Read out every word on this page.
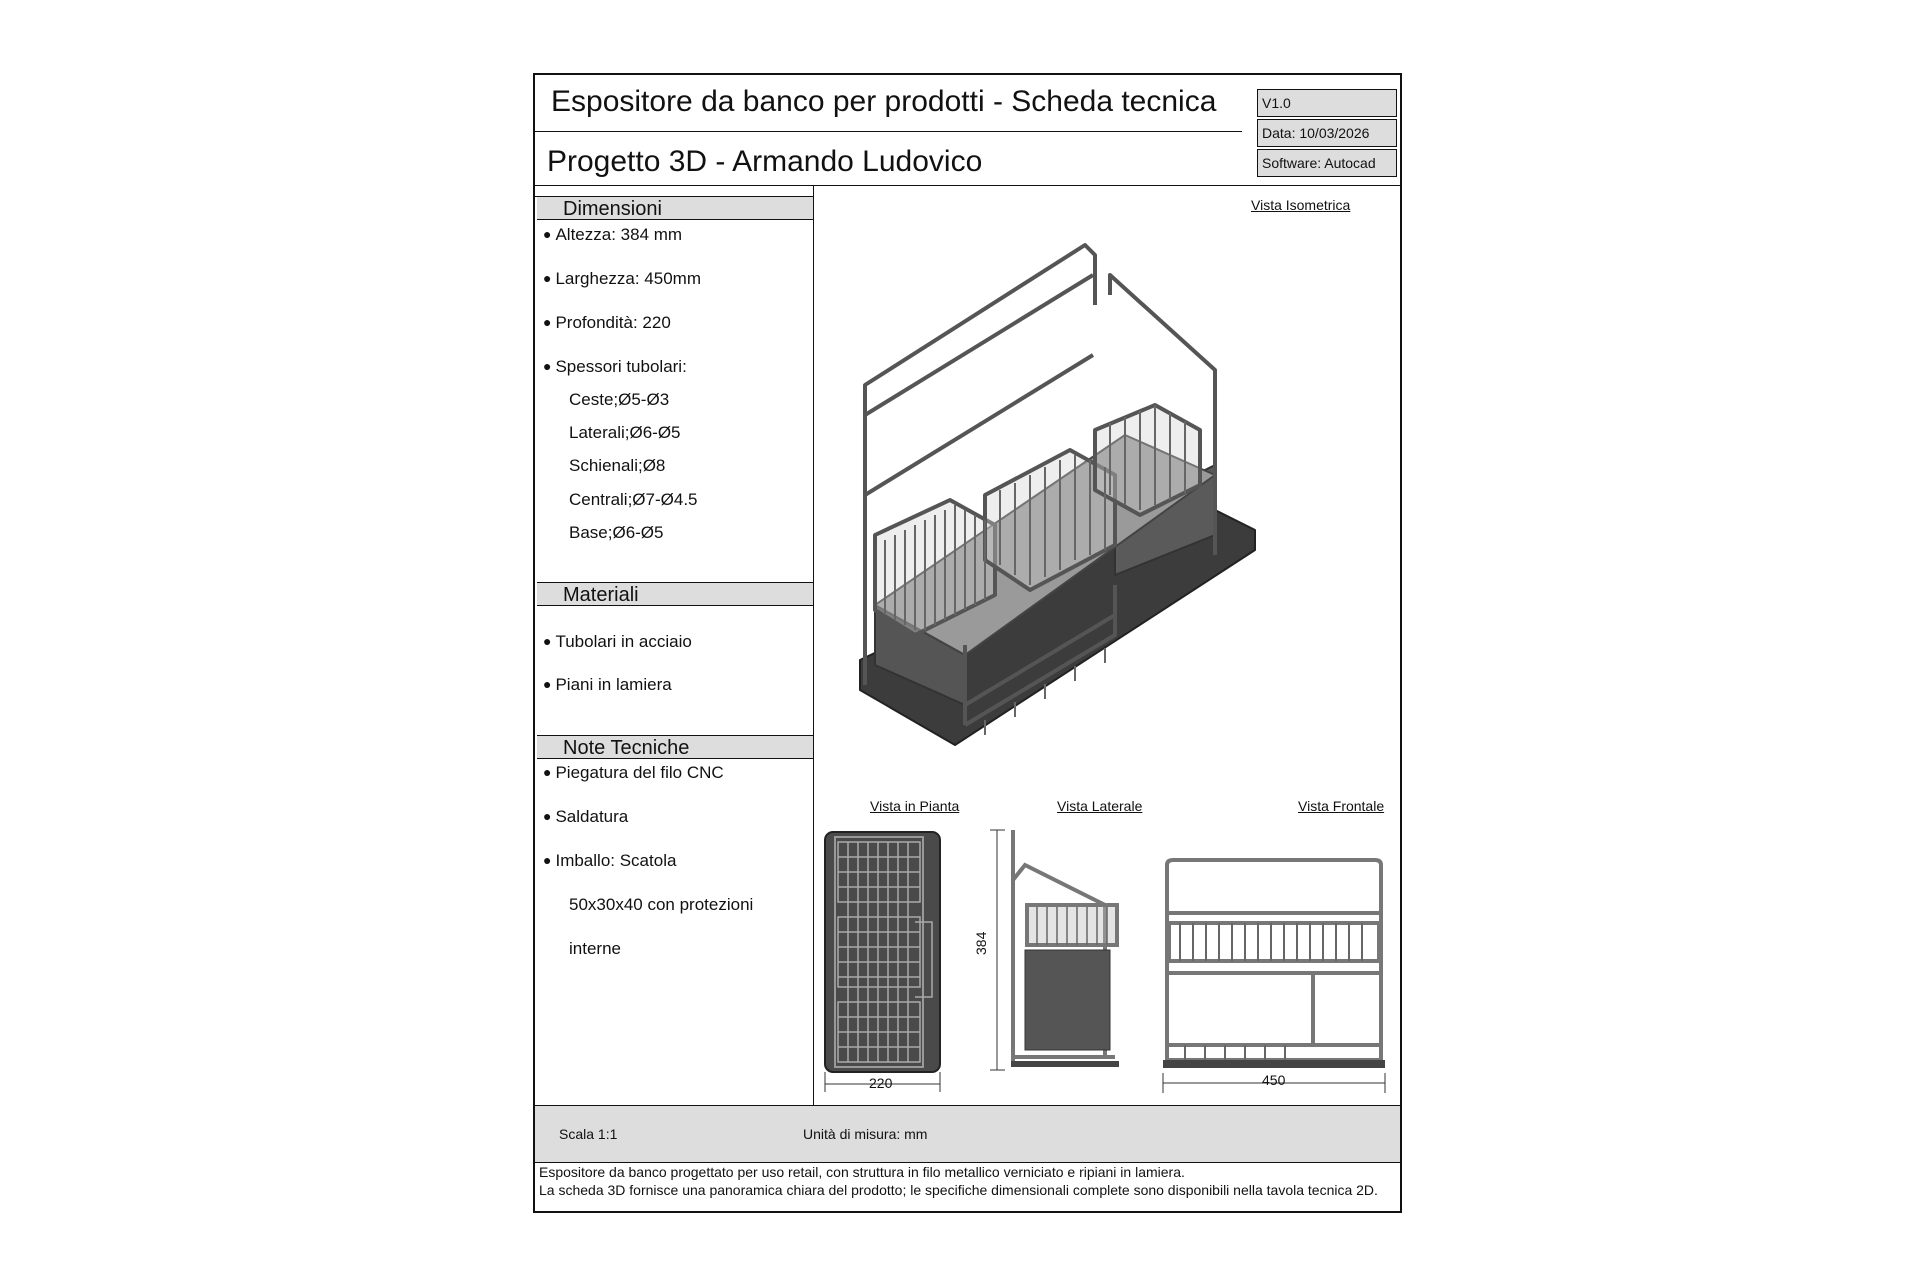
Espositore da banco per prodotti - Scheda tecnica
Progetto 3D - Armando Ludovico
V1.0
Data: 10/03/2026
Software: Autocad
Dimensioni
● Altezza: 384 mm
● Larghezza: 450mm
● Profondità: 220
● Spessori tubolari:
Ceste;Ø5-Ø3
Laterali;Ø6-Ø5
Schienali;Ø8
Centrali;Ø7-Ø4.5
Base;Ø6-Ø5
Materiali
● Tubolari in acciaio
● Piani in lamiera
Note Tecniche
● Piegatura del filo CNC
● Saldatura
● Imballo: Scatola
50x30x40 con protezioni
interne
Vista Isometrica
Vista in Pianta	Vista Laterale	Vista Frontale
220
384
450
Scala 1:1	Unità di misura: mm
Espositore da banco progettato per uso retail, con struttura in filo metallico verniciato e ripiani in lamiera.
La scheda 3D fornisce una panoramica chiara del prodotto; le specifiche dimensionali complete sono disponibili nella tavola tecnica 2D.
